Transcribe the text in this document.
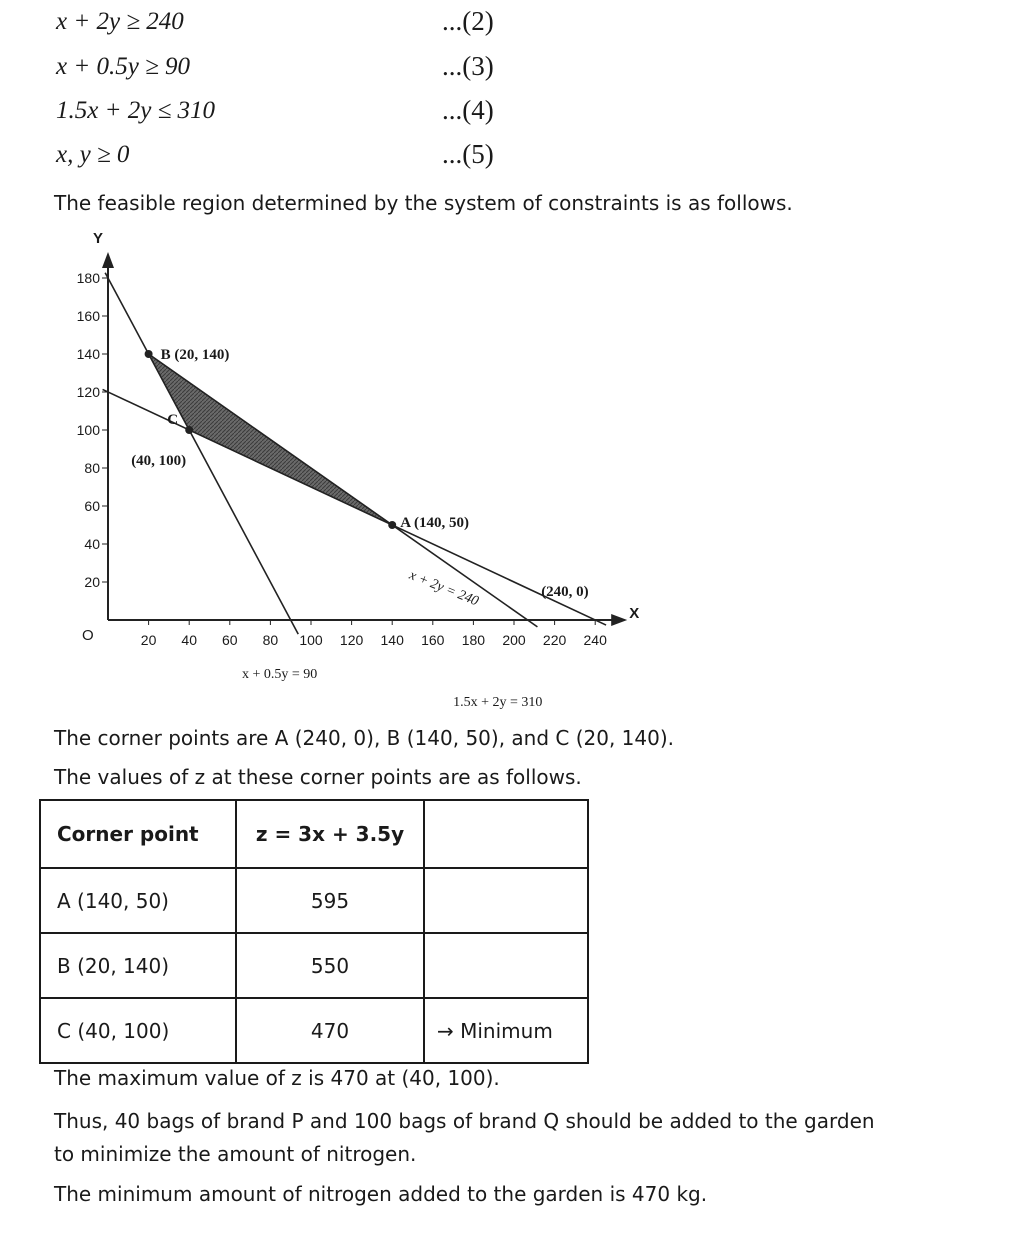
x + 2y ≥ 240	...(2)
x + 0.5y ≥ 90	...(3)
1.5x + 2y ≤ 310	...(4)
x, y ≥ 0	...(5)
The feasible region determined by the system of constraints is as follows.
X
Y
O
x + 2y = 240
x + 0.5y = 90
1.5x + 2y = 310
20 40 60 80 100 120 140 160 180 200 220 240
20
40
60
80
100
120
140
160
180
B (20, 140)
C
(40, 100)
A (140, 50)
(240, 0)
The corner points are A (240, 0), B (140, 50), and C (20, 140).
The values of z at these corner points are as follows.
Corner point	z = 3x + 3.5y	
A (140, 50)	595	
B (20, 140)	550	
C (40, 100)	470	→ Minimum
The maximum value of z is 470 at (40, 100).
Thus, 40 bags of brand P and 100 bags of brand Q should be added to the garden
to minimize the amount of nitrogen.
The minimum amount of nitrogen added to the garden is 470 kg.
